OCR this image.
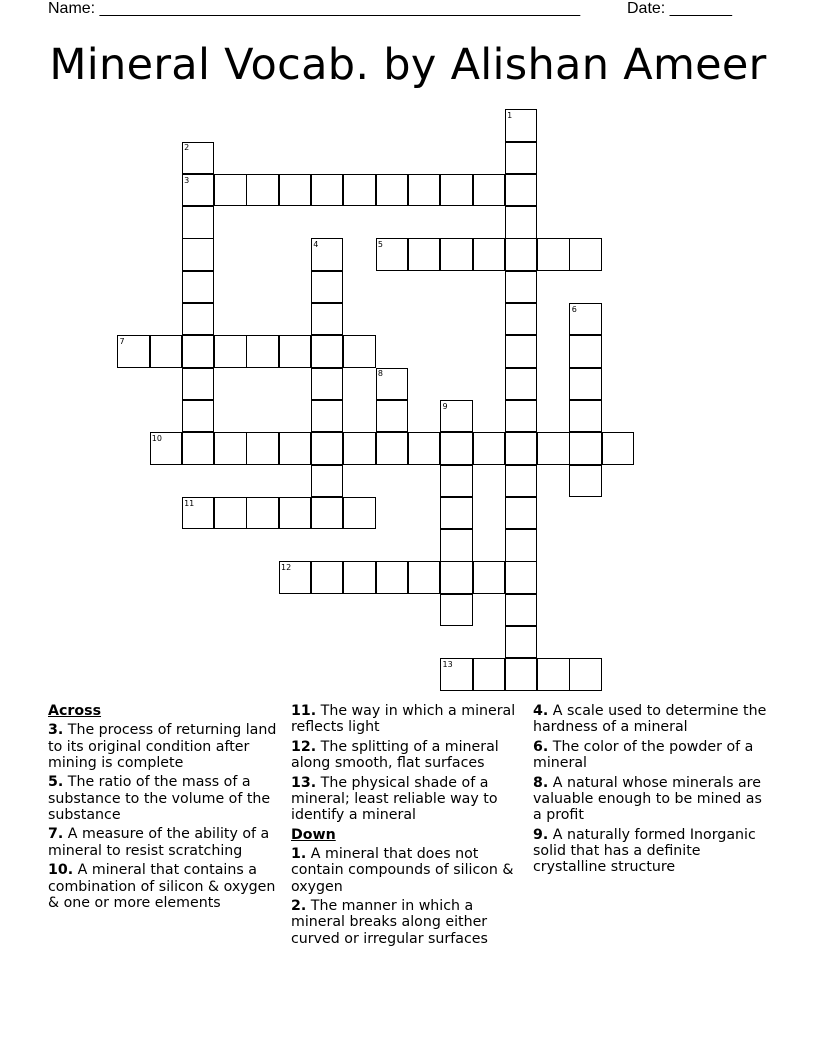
Name: ______________________________________________________	Date: _______
Mineral Vocab. by Alishan Ameer
1
2
3
4	5
6
7
8
9
10
11
12
13
Across
3. The process of returning land to its original condition after mining is complete
5. The ratio of the mass of a substance to the volume of the substance
7. A measure of the ability of a mineral to resist scratching
10. A mineral that contains a combination of silicon & oxygen & one or more elements
11. The way in which a mineral reflects light
12. The splitting of a mineral along smooth, flat surfaces
13. The physical shade of a mineral; least reliable way to identify a mineral
Down
1. A mineral that does not contain compounds of silicon & oxygen
2. The manner in which a mineral breaks along either curved or irregular surfaces
4. A scale used to determine the hardness of a mineral
6. The color of the powder of a mineral
8. A natural whose minerals are valuable enough to be mined as a profit
9. A naturally formed Inorganic solid that has a definite crystalline structure
